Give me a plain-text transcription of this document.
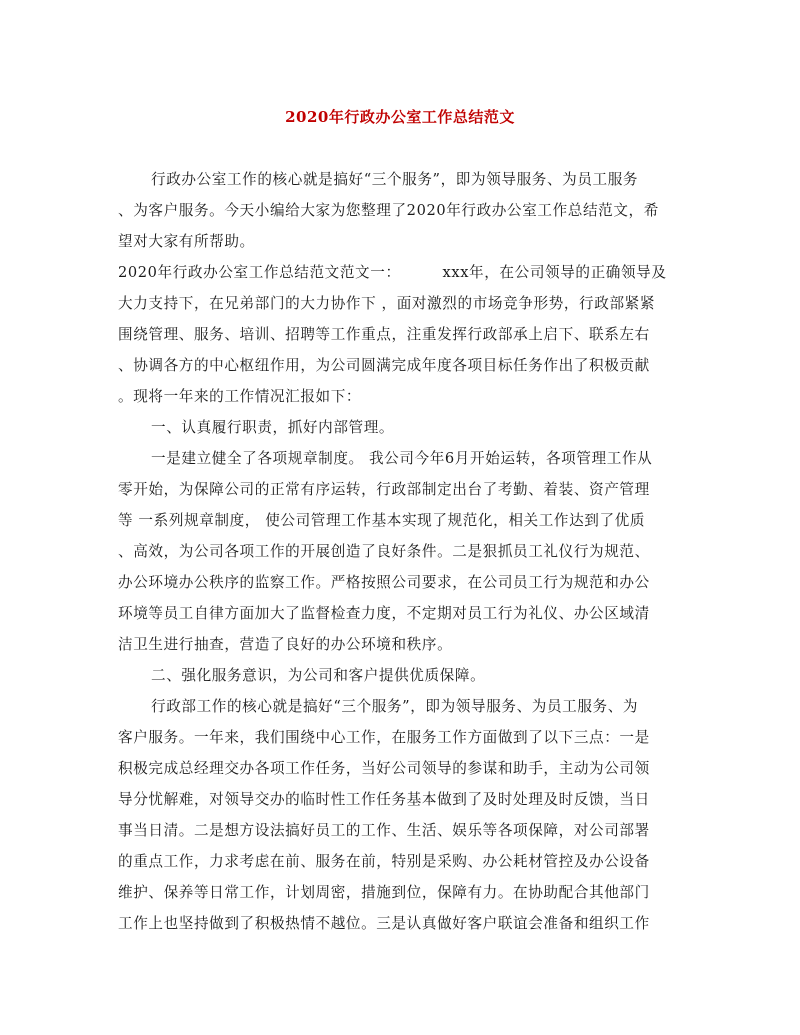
2020年行政办公室工作总结范文
行政办公室工作的核心就是搞好“三个服务”，即为领导服务、为员工服务
、为客户服务。今天小编给大家为您整理了2020年行政办公室工作总结范文，希
望对大家有所帮助。
2020年行政办公室工作总结范文范文一：        xxx年，在公司领导的正确领导及
大力支持下，在兄弟部门的大力协作下 ，面对激烈的市场竞争形势，行政部紧紧
围绕管理、服务、培训、招聘等工作重点，注重发挥行政部承上启下、联系左右
、协调各方的中心枢纽作用，为公司圆满完成年度各项目标任务作出了积极贡献
。现将一年来的工作情况汇报如下：
一、认真履行职责，抓好内部管理。
一是建立健全了各项规章制度。 我公司今年6月开始运转，各项管理工作从
零开始，为保障公司的正常有序运转，行政部制定出台了考勤、着装、资产管理
等 一系列规章制度， 使公司管理工作基本实现了规范化，相关工作达到了优质
、高效，为公司各项工作的开展创造了良好条件。二是狠抓员工礼仪行为规范、
办公环境办公秩序的监察工作。严格按照公司要求，在公司员工行为规范和办公
环境等员工自律方面加大了监督检查力度，不定期对员工行为礼仪、办公区域清
洁卫生进行抽查，营造了良好的办公环境和秩序。
二、强化服务意识，为公司和客户提供优质保障。
行政部工作的核心就是搞好“三个服务”，即为领导服务、为员工服务、为
客户服务。一年来，我们围绕中心工作，在服务工作方面做到了以下三点：一是
积极完成总经理交办各项工作任务，当好公司领导的参谋和助手，主动为公司领
导分忧解难，对领导交办的临时性工作任务基本做到了及时处理及时反馈，当日
事当日清。二是想方设法搞好员工的工作、生活、娱乐等各项保障，对公司部署
的重点工作，力求考虑在前、服务在前，特别是采购、办公耗材管控及办公设备
维护、保养等日常工作，计划周密，措施到位，保障有力。在协助配合其他部门
工作上也坚持做到了积极热情不越位。三是认真做好客户联谊会准备和组织工作
